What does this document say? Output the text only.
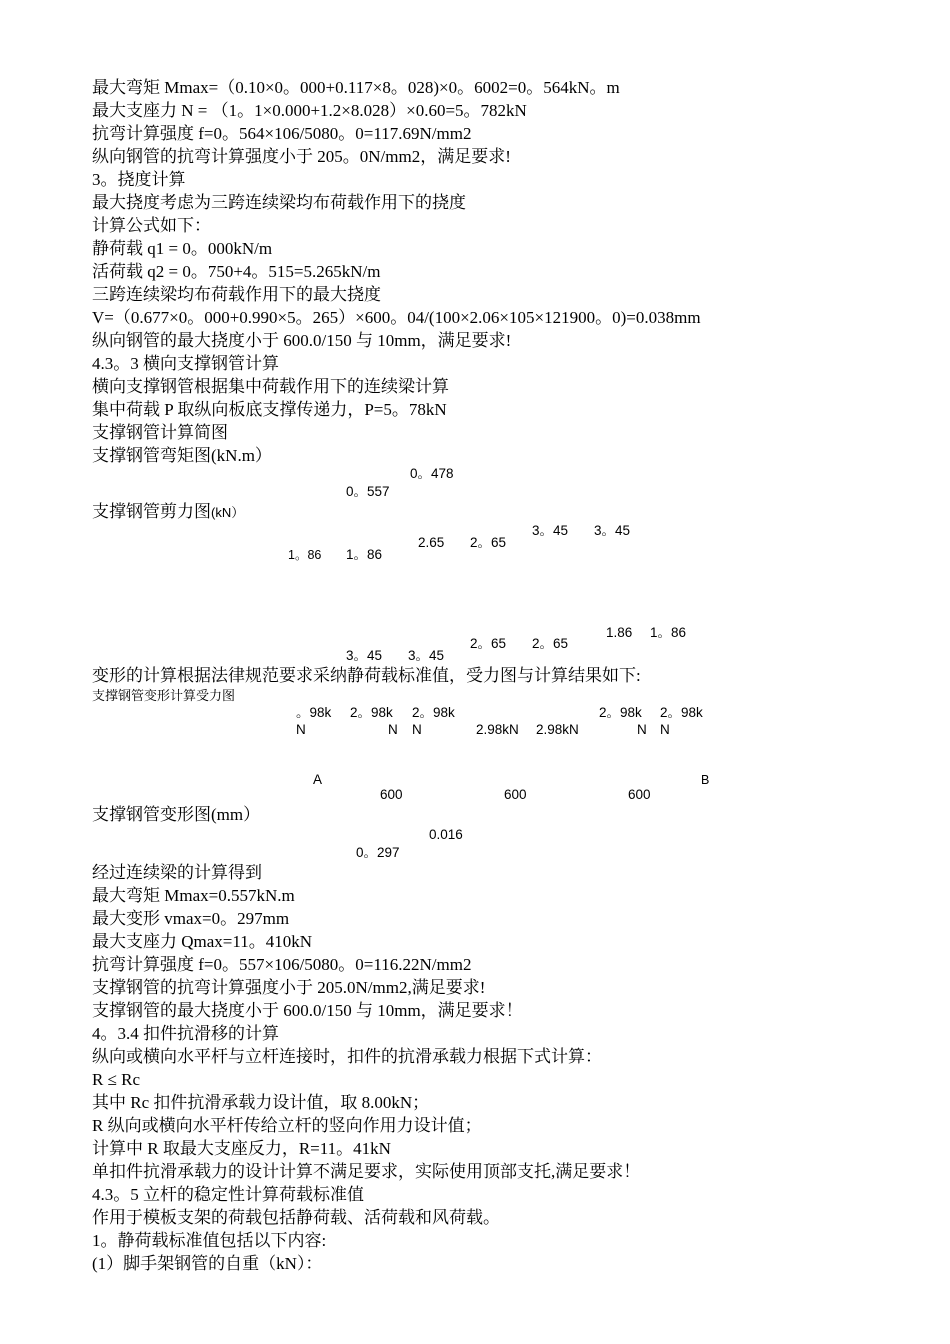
最大弯矩 Mmax=（0.10×0。000+0.117×8。028)×0。6002=0。564kN。m
最大支座力 N = （1。1×0.000+1.2×8.028）×0.60=5。782kN
抗弯计算强度 f=0。564×106/5080。0=117.69N/mm2
纵向钢管的抗弯计算强度小于 205。0N/mm2，满足要求!
3。挠度计算
最大挠度考虑为三跨连续梁均布荷载作用下的挠度
计算公式如下：
静荷载 q1 = 0。000kN/m
活荷载 q2 = 0。750+4。515=5.265kN/m
三跨连续梁均布荷载作用下的最大挠度
V=（0.677×0。000+0.990×5。265）×600。04/(100×2.06×105×121900。0)=0.038mm
纵向钢管的最大挠度小于 600.0/150 与 10mm，满足要求!
4.3。3 横向支撑钢管计算
横向支撑钢管根据集中荷载作用下的连续梁计算
集中荷载 P 取纵向板底支撑传递力，P=5。78kN
支撑钢管计算简图
支撑钢管弯矩图(kN.m）
0。478
0。557
支撑钢管剪力图(kN）
3。45 3。45
2.65 2。65
1。86 1。86
1.86 1。86
2。65 2。65
3。45 3。45
变形的计算根据法律规范要求采纳静荷载标准值，受力图与计算结果如下:
支撑钢管变形计算受力图
。98k
N
2。98k
N
2。98k
N	2.98kN 2.98kN
2。98k
N
2。98k
N
A	B
600	600	600
支撑钢管变形图(mm）
0.016
0。297
经过连续梁的计算得到
最大弯矩 Mmax=0.557kN.m
最大变形 vmax=0。297mm
最大支座力 Qmax=11。410kN
抗弯计算强度 f=0。557×106/5080。0=116.22N/mm2
支撑钢管的抗弯计算强度小于 205.0N/mm2,满足要求!
支撑钢管的最大挠度小于 600.0/150 与 10mm，满足要求！
4。3.4 扣件抗滑移的计算
纵向或横向水平杆与立杆连接时，扣件的抗滑承载力根据下式计算：
R ≤ Rc
其中 Rc 扣件抗滑承载力设计值，取 8.00kN；
R 纵向或横向水平杆传给立杆的竖向作用力设计值；
计算中 R 取最大支座反力，R=11。41kN
单扣件抗滑承载力的设计计算不满足要求，实际使用顶部支托,满足要求！
4.3。5 立杆的稳定性计算荷载标准值
作用于模板支架的荷载包括静荷载、活荷载和风荷载。
1。静荷载标准值包括以下内容:
(1）脚手架钢管的自重（kN）：
